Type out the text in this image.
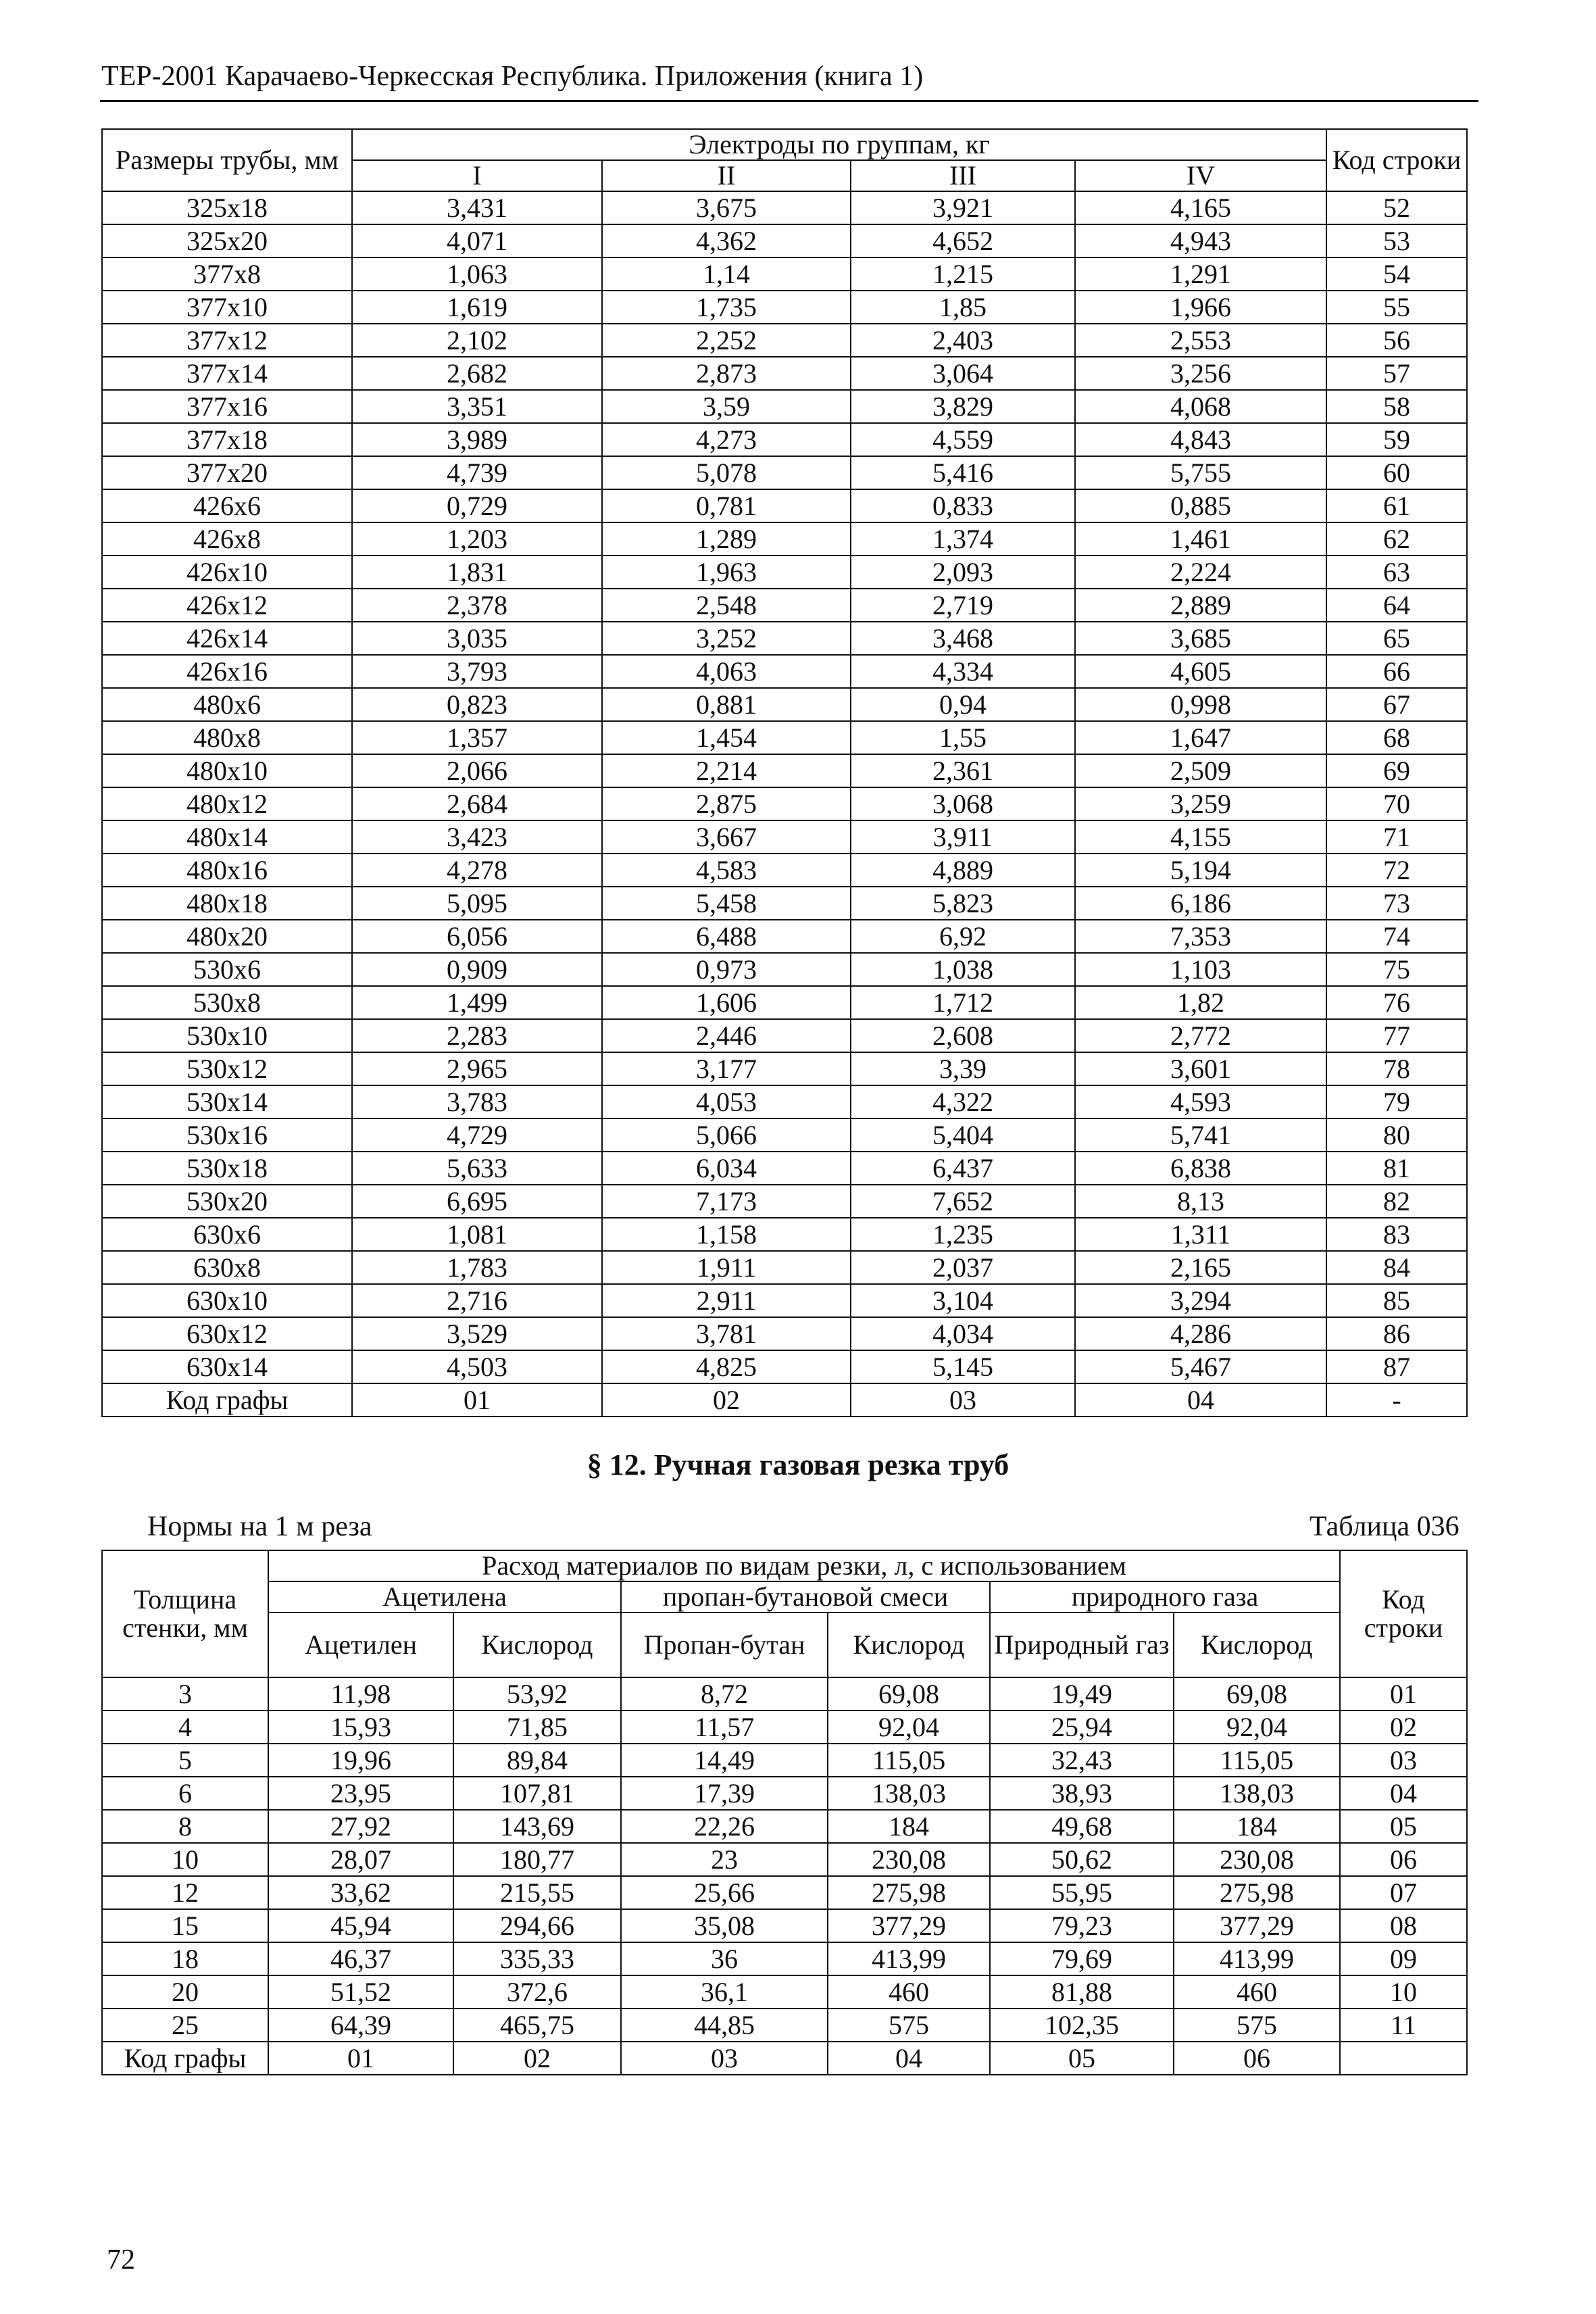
ТЕР-2001 Карачаево-Черкесская Республика. Приложения (книга 1)
Размеры трубы, мм	Электроды по группам, кг				Код строки
	I	II	III	IV	
325х18	3,431	3,675	3,921	4,165	52
325х20	4,071	4,362	4,652	4,943	53
377х8	1,063	1,14	1,215	1,291	54
377х10	1,619	1,735	1,85	1,966	55
377х12	2,102	2,252	2,403	2,553	56
377х14	2,682	2,873	3,064	3,256	57
377х16	3,351	3,59	3,829	4,068	58
377х18	3,989	4,273	4,559	4,843	59
377х20	4,739	5,078	5,416	5,755	60
426х6	0,729	0,781	0,833	0,885	61
426х8	1,203	1,289	1,374	1,461	62
426х10	1,831	1,963	2,093	2,224	63
426х12	2,378	2,548	2,719	2,889	64
426х14	3,035	3,252	3,468	3,685	65
426х16	3,793	4,063	4,334	4,605	66
480х6	0,823	0,881	0,94	0,998	67
480х8	1,357	1,454	1,55	1,647	68
480х10	2,066	2,214	2,361	2,509	69
480х12	2,684	2,875	3,068	3,259	70
480х14	3,423	3,667	3,911	4,155	71
480х16	4,278	4,583	4,889	5,194	72
480х18	5,095	5,458	5,823	6,186	73
480х20	6,056	6,488	6,92	7,353	74
530х6	0,909	0,973	1,038	1,103	75
530х8	1,499	1,606	1,712	1,82	76
530х10	2,283	2,446	2,608	2,772	77
530х12	2,965	3,177	3,39	3,601	78
530х14	3,783	4,053	4,322	4,593	79
530х16	4,729	5,066	5,404	5,741	80
530х18	5,633	6,034	6,437	6,838	81
530х20	6,695	7,173	7,652	8,13	82
630х6	1,081	1,158	1,235	1,311	83
630х8	1,783	1,911	2,037	2,165	84
630х10	2,716	2,911	3,104	3,294	85
630х12	3,529	3,781	4,034	4,286	86
630х14	4,503	4,825	5,145	5,467	87
Код графы	01	02	03	04	-
§ 12. Ручная газовая резка труб
Нормы на 1 м реза	Таблица 036
Толщина стенки, мм	Расход материалов по видам резки, л, с использованием						Код строки
	Ацетилена		пропан-бутановой смеси		природного газа		
	Ацетилен	Кислород	Пропан-бутан	Кислород	Природный газ	Кислород	
3	11,98	53,92	8,72	69,08	19,49	69,08	01
4	15,93	71,85	11,57	92,04	25,94	92,04	02
5	19,96	89,84	14,49	115,05	32,43	115,05	03
6	23,95	107,81	17,39	138,03	38,93	138,03	04
8	27,92	143,69	22,26	184	49,68	184	05
10	28,07	180,77	23	230,08	50,62	230,08	06
12	33,62	215,55	25,66	275,98	55,95	275,98	07
15	45,94	294,66	35,08	377,29	79,23	377,29	08
18	46,37	335,33	36	413,99	79,69	413,99	09
20	51,52	372,6	36,1	460	81,88	460	10
25	64,39	465,75	44,85	575	102,35	575	11
Код графы	01	02	03	04	05	06	
72
